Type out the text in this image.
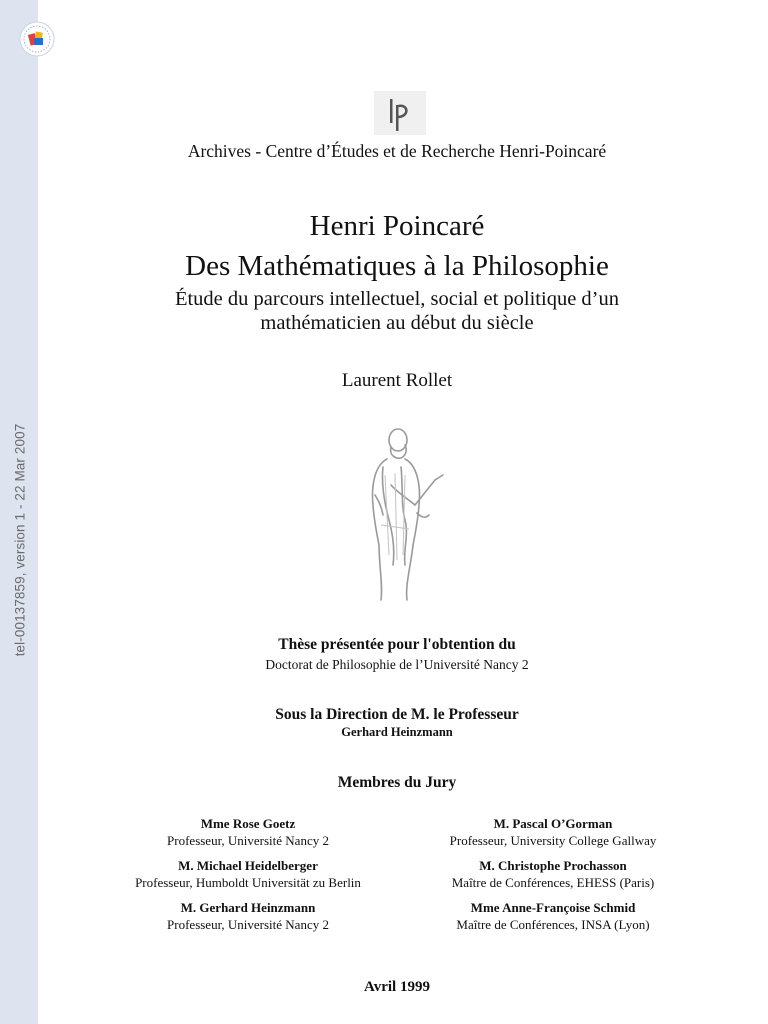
tel-00137859, version 1 - 22 Mar 2007
Archives - Centre d’Études et de Recherche Henri-Poincaré
Henri Poincaré
Des Mathématiques à la Philosophie
Étude du parcours intellectuel, social et politique d’un
mathématicien au début du siècle
Laurent Rollet
Thèse présentée pour l'obtention du
Doctorat de Philosophie de l’Université Nancy 2
Sous la Direction de M. le Professeur
Gerhard Heinzmann
Membres du Jury
Mme Rose Goetz
Professeur, Université Nancy 2
M. Michael Heidelberger
Professeur, Humboldt Universität zu Berlin
M. Gerhard Heinzmann
Professeur, Université Nancy 2
M. Pascal O’Gorman
Professeur, University College Gallway
M. Christophe Prochasson
Maître de Conférences, EHESS (Paris)
Mme Anne-Françoise Schmid
Maître de Conférences, INSA (Lyon)
Avril 1999
